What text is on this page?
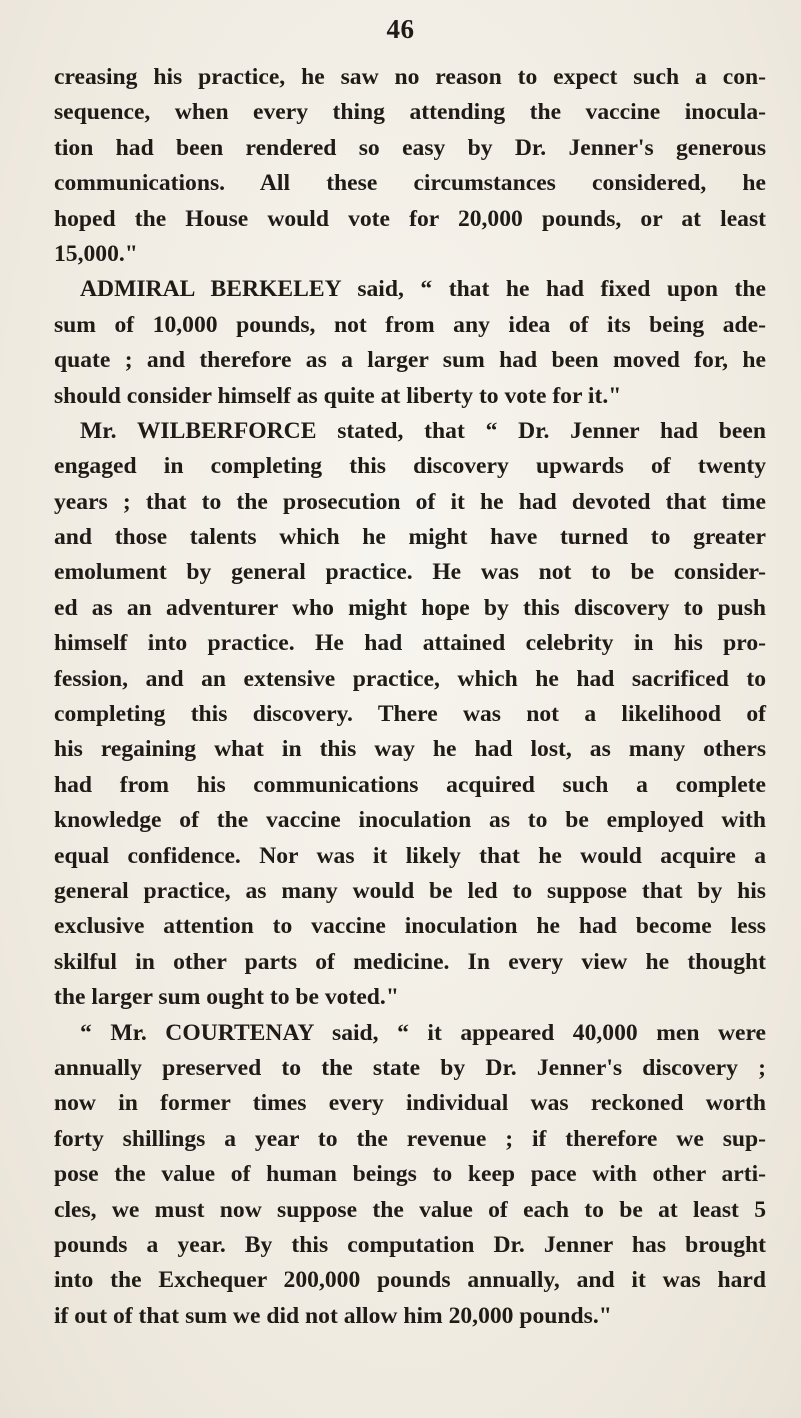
46
creasing his practice, he saw no reason to expect such a con-
sequence, when every thing attending the vaccine inocula-
tion had been rendered so easy by Dr. Jenner's generous
communications. All these circumstances considered, he
hoped the House would vote for 20,000 pounds, or at least
15,000."
ADMIRAL BERKELEY said, “ that he had fixed upon the
sum of 10,000 pounds, not from any idea of its being ade-
quate ; and therefore as a larger sum had been moved for, he
should consider himself as quite at liberty to vote for it."
Mr. WILBERFORCE stated, that “ Dr. Jenner had been
engaged in completing this discovery upwards of twenty
years ; that to the prosecution of it he had devoted that time
and those talents which he might have turned to greater
emolument by general practice. He was not to be consider-
ed as an adventurer who might hope by this discovery to push
himself into practice. He had attained celebrity in his pro-
fession, and an extensive practice, which he had sacrificed to
completing this discovery. There was not a likelihood of
his regaining what in this way he had lost, as many others
had from his communications acquired such a complete
knowledge of the vaccine inoculation as to be employed with
equal confidence. Nor was it likely that he would acquire a
general practice, as many would be led to suppose that by his
exclusive attention to vaccine inoculation he had become less
skilful in other parts of medicine. In every view he thought
the larger sum ought to be voted."
“ Mr. COURTENAY said, “ it appeared 40,000 men were
annually preserved to the state by Dr. Jenner's discovery ;
now in former times every individual was reckoned worth
forty shillings a year to the revenue ; if therefore we sup-
pose the value of human beings to keep pace with other arti-
cles, we must now suppose the value of each to be at least 5
pounds a year. By this computation Dr. Jenner has brought
into the Exchequer 200,000 pounds annually, and it was hard
if out of that sum we did not allow him 20,000 pounds."
